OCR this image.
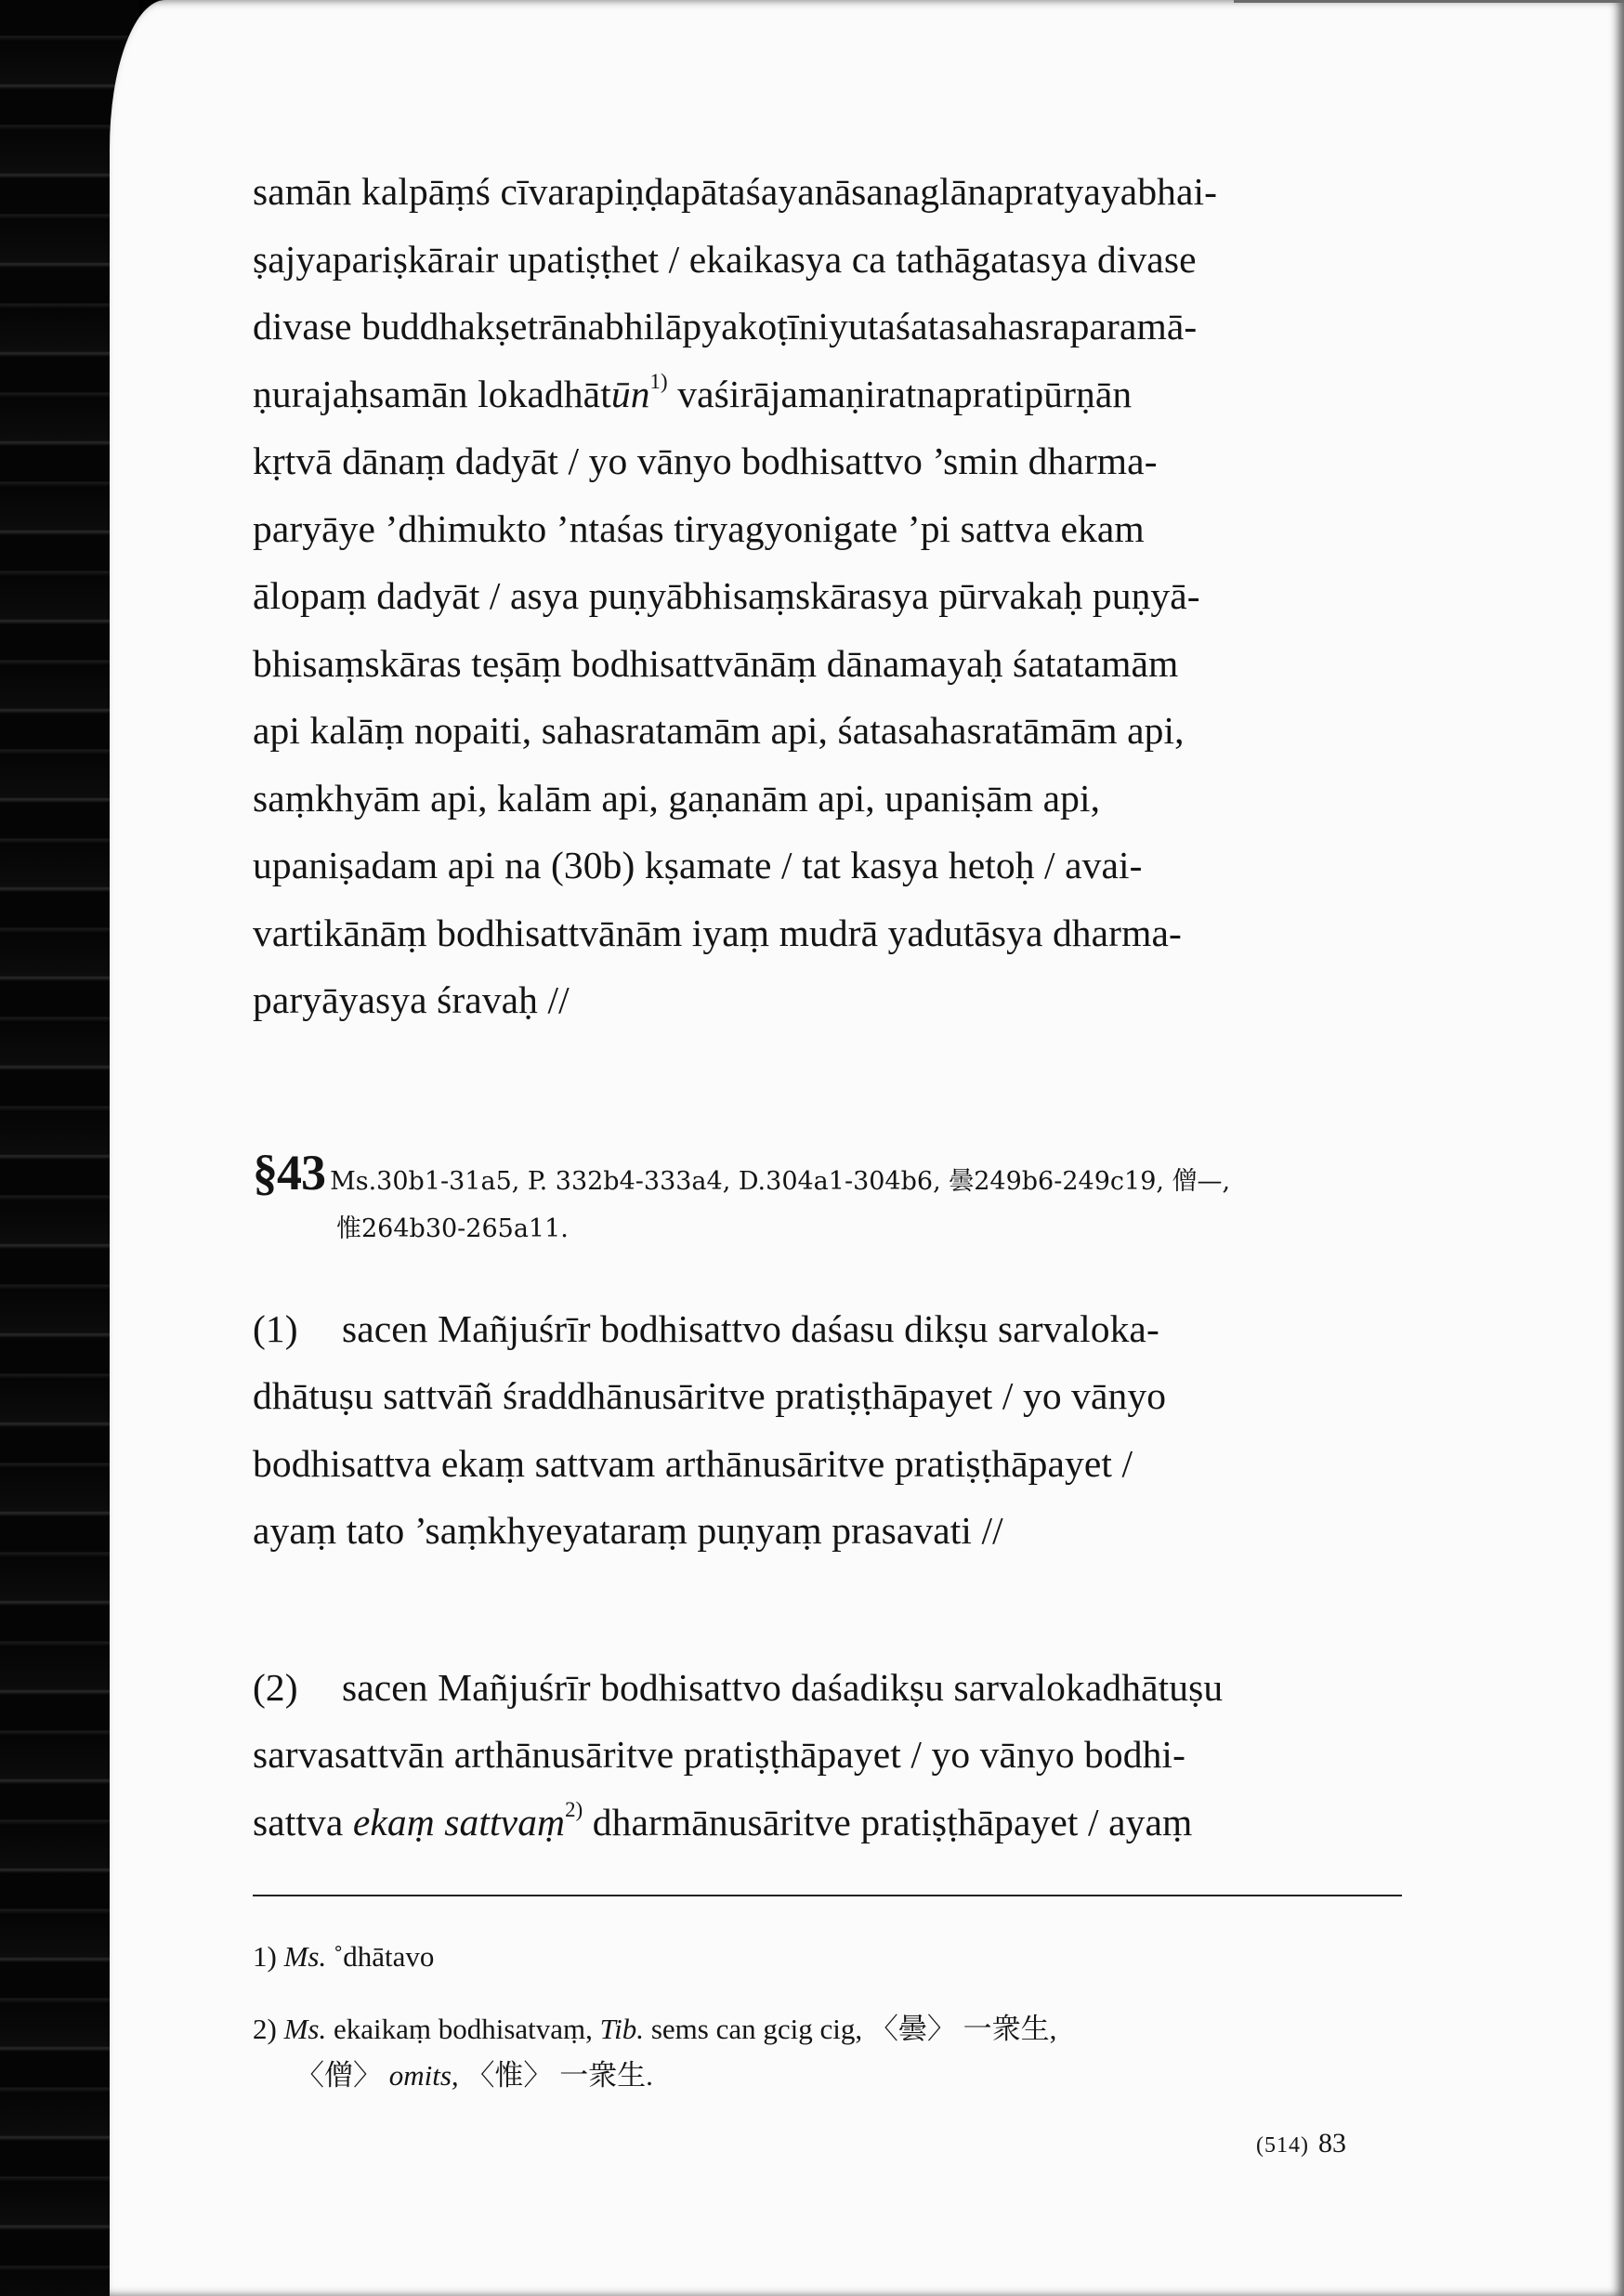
samān kalpāṃś cīvarapiṇḍapātaśayanāsanaglānapratyayabhai-
ṣajyapariṣkārair upatiṣṭhet / ekaikasya ca tathāgatasya divase
divase buddhakṣetrānabhilāpyakoṭīniyutaśatasahasraparamā-
ṇurajaḥsamān lokadhātūn$^{1)}$ vaśirājamaṇiratnapratipūrṇān
kṛtvā dānaṃ dadyāt / yo vānyo bodhisattvo ’smin dharma-
paryāye ’dhimukto ’ntaśas tiryagyonigate ’pi sattva ekam
ālopaṃ dadyāt / asya puṇyābhisaṃskārasya pūrvakaḥ puṇyā-
bhisaṃskāras teṣāṃ bodhisattvānāṃ dānamayaḥ śatatamām
api kalāṃ nopaiti, sahasratamām api, śatasahasratāmām api,
saṃkhyām api, kalām api, gaṇanām api, upaniṣām api,
upaniṣadam api na (30b) kṣamate / tat kasya hetoḥ / avai-
vartikānāṃ bodhisattvānām iyaṃ mudrā yadutāsya dharma-
paryāyasya śravaḥ //
§43 Ms.30b1-31a5, P. 332b4-333a4, D.304a1-304b6, 曇249b6-249c19, 僧—,
惟264b30-265a11.
(1) sacen Mañjuśrīr bodhisattvo daśasu dikṣu sarvaloka-
dhātuṣu sattvāñ śraddhānusāritve pratiṣṭhāpayet / yo vānyo
bodhisattva ekaṃ sattvam arthānusāritve pratiṣṭhāpayet /
ayaṃ tato ’saṃkhyeyataraṃ puṇyaṃ prasavati //
(2) sacen Mañjuśrīr bodhisattvo daśadikṣu sarvalokadhātuṣu
sarvasattvān arthānusāritve pratiṣṭhāpayet / yo vānyo bodhi-
sattva ekaṃ sattvaṃ$^{2)}$ dharmānusāritve pratiṣṭhāpayet / ayaṃ
1) Ms. ˚dhātavo
2) Ms. ekaikaṃ bodhisatvaṃ, Tib. sems can gcig cig, 〈曇〉 一衆生,
〈僧〉 omits, 〈惟〉 一衆生.
(514) 83
